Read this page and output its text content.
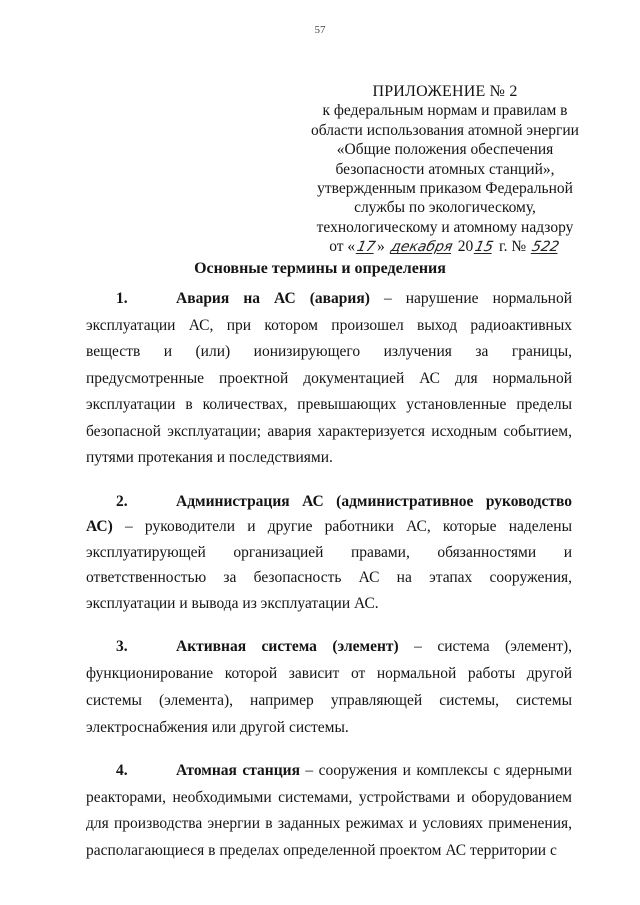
57
ПРИЛОЖЕНИЕ № 2
к федеральным нормам и правилам в
области использования атомной энергии
«Общие положения обеспечения
безопасности атомных станций»,
утвержденным приказом Федеральной
службы по экологическому,
технологическому и атомному надзору
от «17» декабря 2015 г. № 522
Основные термины и определения

1.	Авария на АС (авария) – нарушение нормальной эксплуатации АС, при котором произошел выход радиоактивных веществ и (или) ионизирующего излучения за границы, предусмотренные проектной документацией АС для нормальной эксплуатации в количествах, превышающих установленные пределы безопасной эксплуатации; авария характеризуется исходным событием, путями протекания и последствиями.

2.	Администрация АС (административное руководство АС) – руководители и другие работники АС, которые наделены эксплуатирующей организацией правами, обязанностями и ответственностью за безопасность АС на этапах сооружения, эксплуатации и вывода из эксплуатации АС.

3.	Активная система (элемент) – система (элемент), функционирование которой зависит от нормальной работы другой системы (элемента), например управляющей системы, системы электроснабжения или другой системы.

4.	Атомная станция – сооружения и комплексы с ядерными реакторами, необходимыми системами, устройствами и оборудованием для производства энергии в заданных режимах и условиях применения, располагающиеся в пределах определенной проектом АС территории с
